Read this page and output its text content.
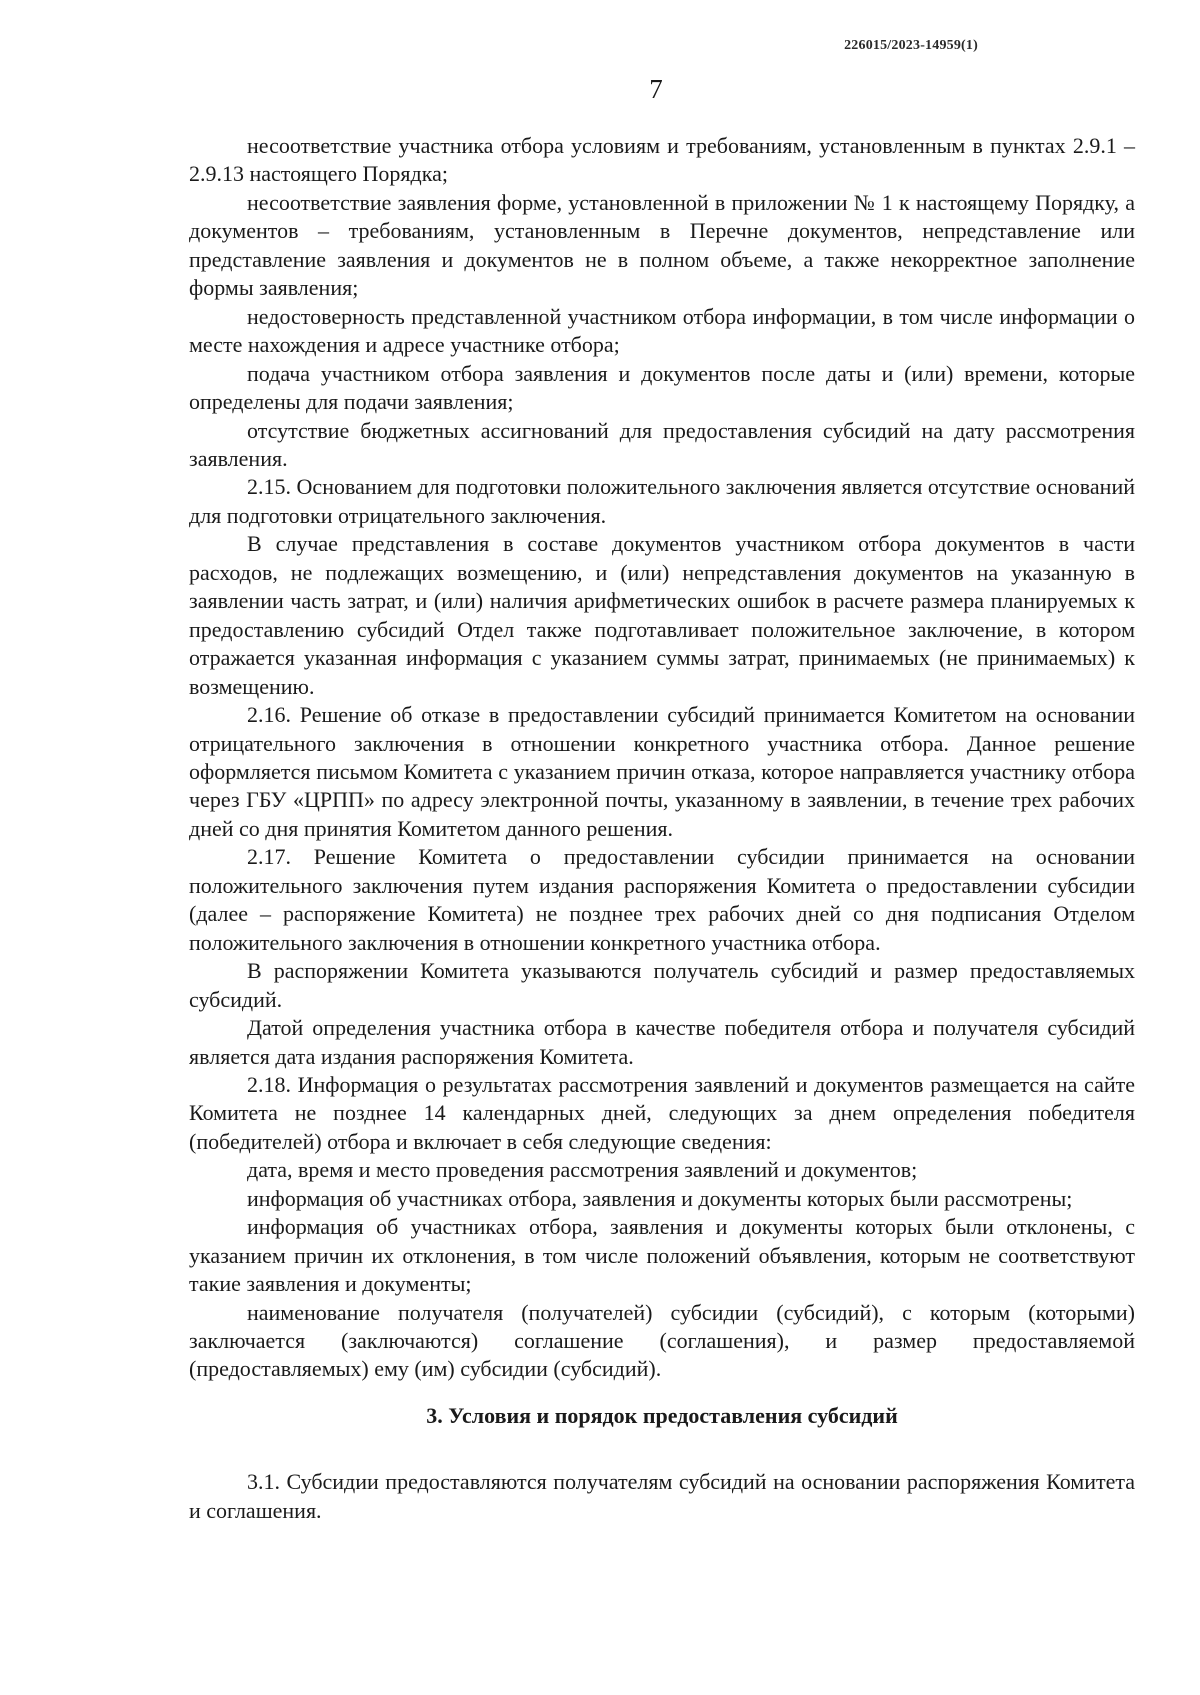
226015/2023-14959(1)
7

несоответствие участника отбора условиям и требованиям, установленным в пунктах 2.9.1 – 2.9.13 настоящего Порядка;

несоответствие заявления форме, установленной в приложении № 1 к настоящему Порядку, а документов – требованиям, установленным в Перечне документов, непредставление или представление заявления и документов не в полном объеме, а также некорректное заполнение формы заявления;

недостоверность представленной участником отбора информации, в том числе информации о месте нахождения и адресе участнике отбора;

подача участником отбора заявления и документов после даты и (или) времени, которые определены для подачи заявления;

отсутствие бюджетных ассигнований для предоставления субсидий на дату рассмотрения заявления.

2.15. Основанием для подготовки положительного заключения является отсутствие оснований для подготовки отрицательного заключения.

В случае представления в составе документов участником отбора документов в части расходов, не подлежащих возмещению, и (или) непредставления документов на указанную в заявлении часть затрат, и (или) наличия арифметических ошибок в расчете размера планируемых к предоставлению субсидий Отдел также подготавливает положительное заключение, в котором отражается указанная информация с указанием суммы затрат, принимаемых (не принимаемых) к возмещению.

2.16. Решение об отказе в предоставлении субсидий принимается Комитетом на основании отрицательного заключения в отношении конкретного участника отбора. Данное решение оформляется письмом Комитета с указанием причин отказа, которое направляется участнику отбора через ГБУ «ЦРПП» по адресу электронной почты, указанному в заявлении, в течение трех рабочих дней со дня принятия Комитетом данного решения.

2.17. Решение Комитета о предоставлении субсидии принимается на основании положительного заключения путем издания распоряжения Комитета о предоставлении субсидии (далее – распоряжение Комитета) не позднее трех рабочих дней со дня подписания Отделом положительного заключения в отношении конкретного участника отбора.

В распоряжении Комитета указываются получатель субсидий и размер предоставляемых субсидий.

Датой определения участника отбора в качестве победителя отбора и получателя субсидий является дата издания распоряжения Комитета.

2.18. Информация о результатах рассмотрения заявлений и документов размещается на сайте Комитета не позднее 14 календарных дней, следующих за днем определения победителя (победителей) отбора и включает в себя следующие сведения:

дата, время и место проведения рассмотрения заявлений и документов;

информация об участниках отбора, заявления и документы которых были рассмотрены;

информация об участниках отбора, заявления и документы которых были отклонены, с указанием причин их отклонения, в том числе положений объявления, которым не соответствуют такие заявления и документы;

наименование получателя (получателей) субсидии (субсидий), с которым (которыми) заключается (заключаются) соглашение (соглашения), и размер предоставляемой (предоставляемых) ему (им) субсидии (субсидий).

3. Условия и порядок предоставления субсидий

3.1. Субсидии предоставляются получателям субсидий на основании распоряжения Комитета и соглашения.
